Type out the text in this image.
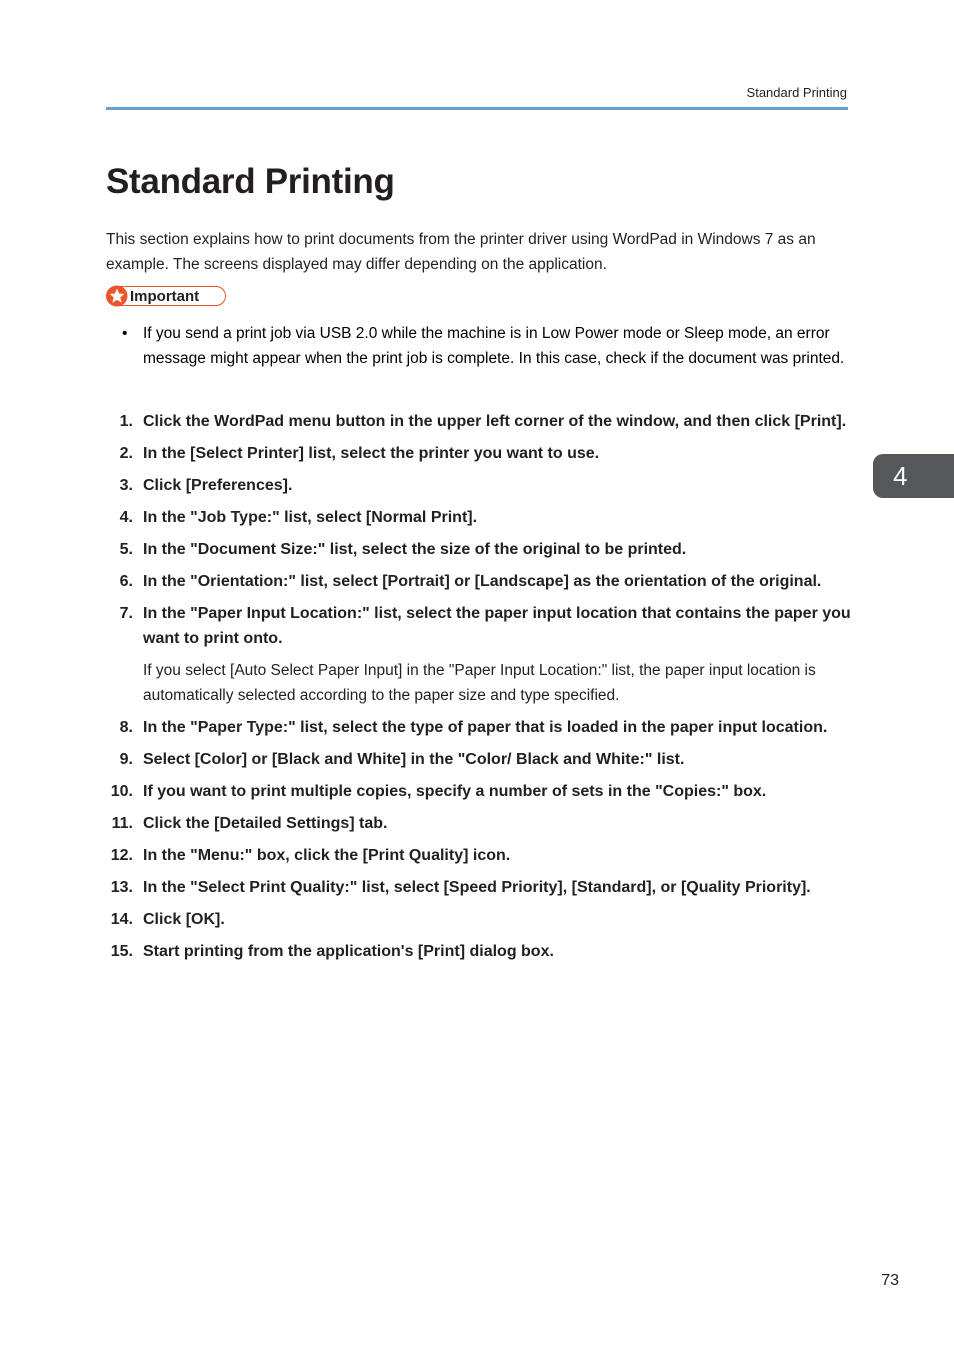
Standard Printing
Standard Printing

This section explains how to print documents from the printer driver using WordPad in Windows 7 as an example. The screens displayed may differ depending on the application.

Important
• If you send a print job via USB 2.0 while the machine is in Low Power mode or Sleep mode, an error message might appear when the print job is complete. In this case, check if the document was printed.
1. Click the WordPad menu button in the upper left corner of the window, and then click [Print].
2. In the [Select Printer] list, select the printer you want to use.
3. Click [Preferences].
4. In the "Job Type:" list, select [Normal Print].
5. In the "Document Size:" list, select the size of the original to be printed.
6. In the "Orientation:" list, select [Portrait] or [Landscape] as the orientation of the original.
7. In the "Paper Input Location:" list, select the paper input location that contains the paper you want to print onto.
If you select [Auto Select Paper Input] in the "Paper Input Location:" list, the paper input location is automatically selected according to the paper size and type specified.
8. In the "Paper Type:" list, select the type of paper that is loaded in the paper input location.
9. Select [Color] or [Black and White] in the "Color/ Black and White:" list.
10. If you want to print multiple copies, specify a number of sets in the "Copies:" box.
11. Click the [Detailed Settings] tab.
12. In the "Menu:" box, click the [Print Quality] icon.
13. In the "Select Print Quality:" list, select [Speed Priority], [Standard], or [Quality Priority].
14. Click [OK].
15. Start printing from the application's [Print] dialog box.
4
73
